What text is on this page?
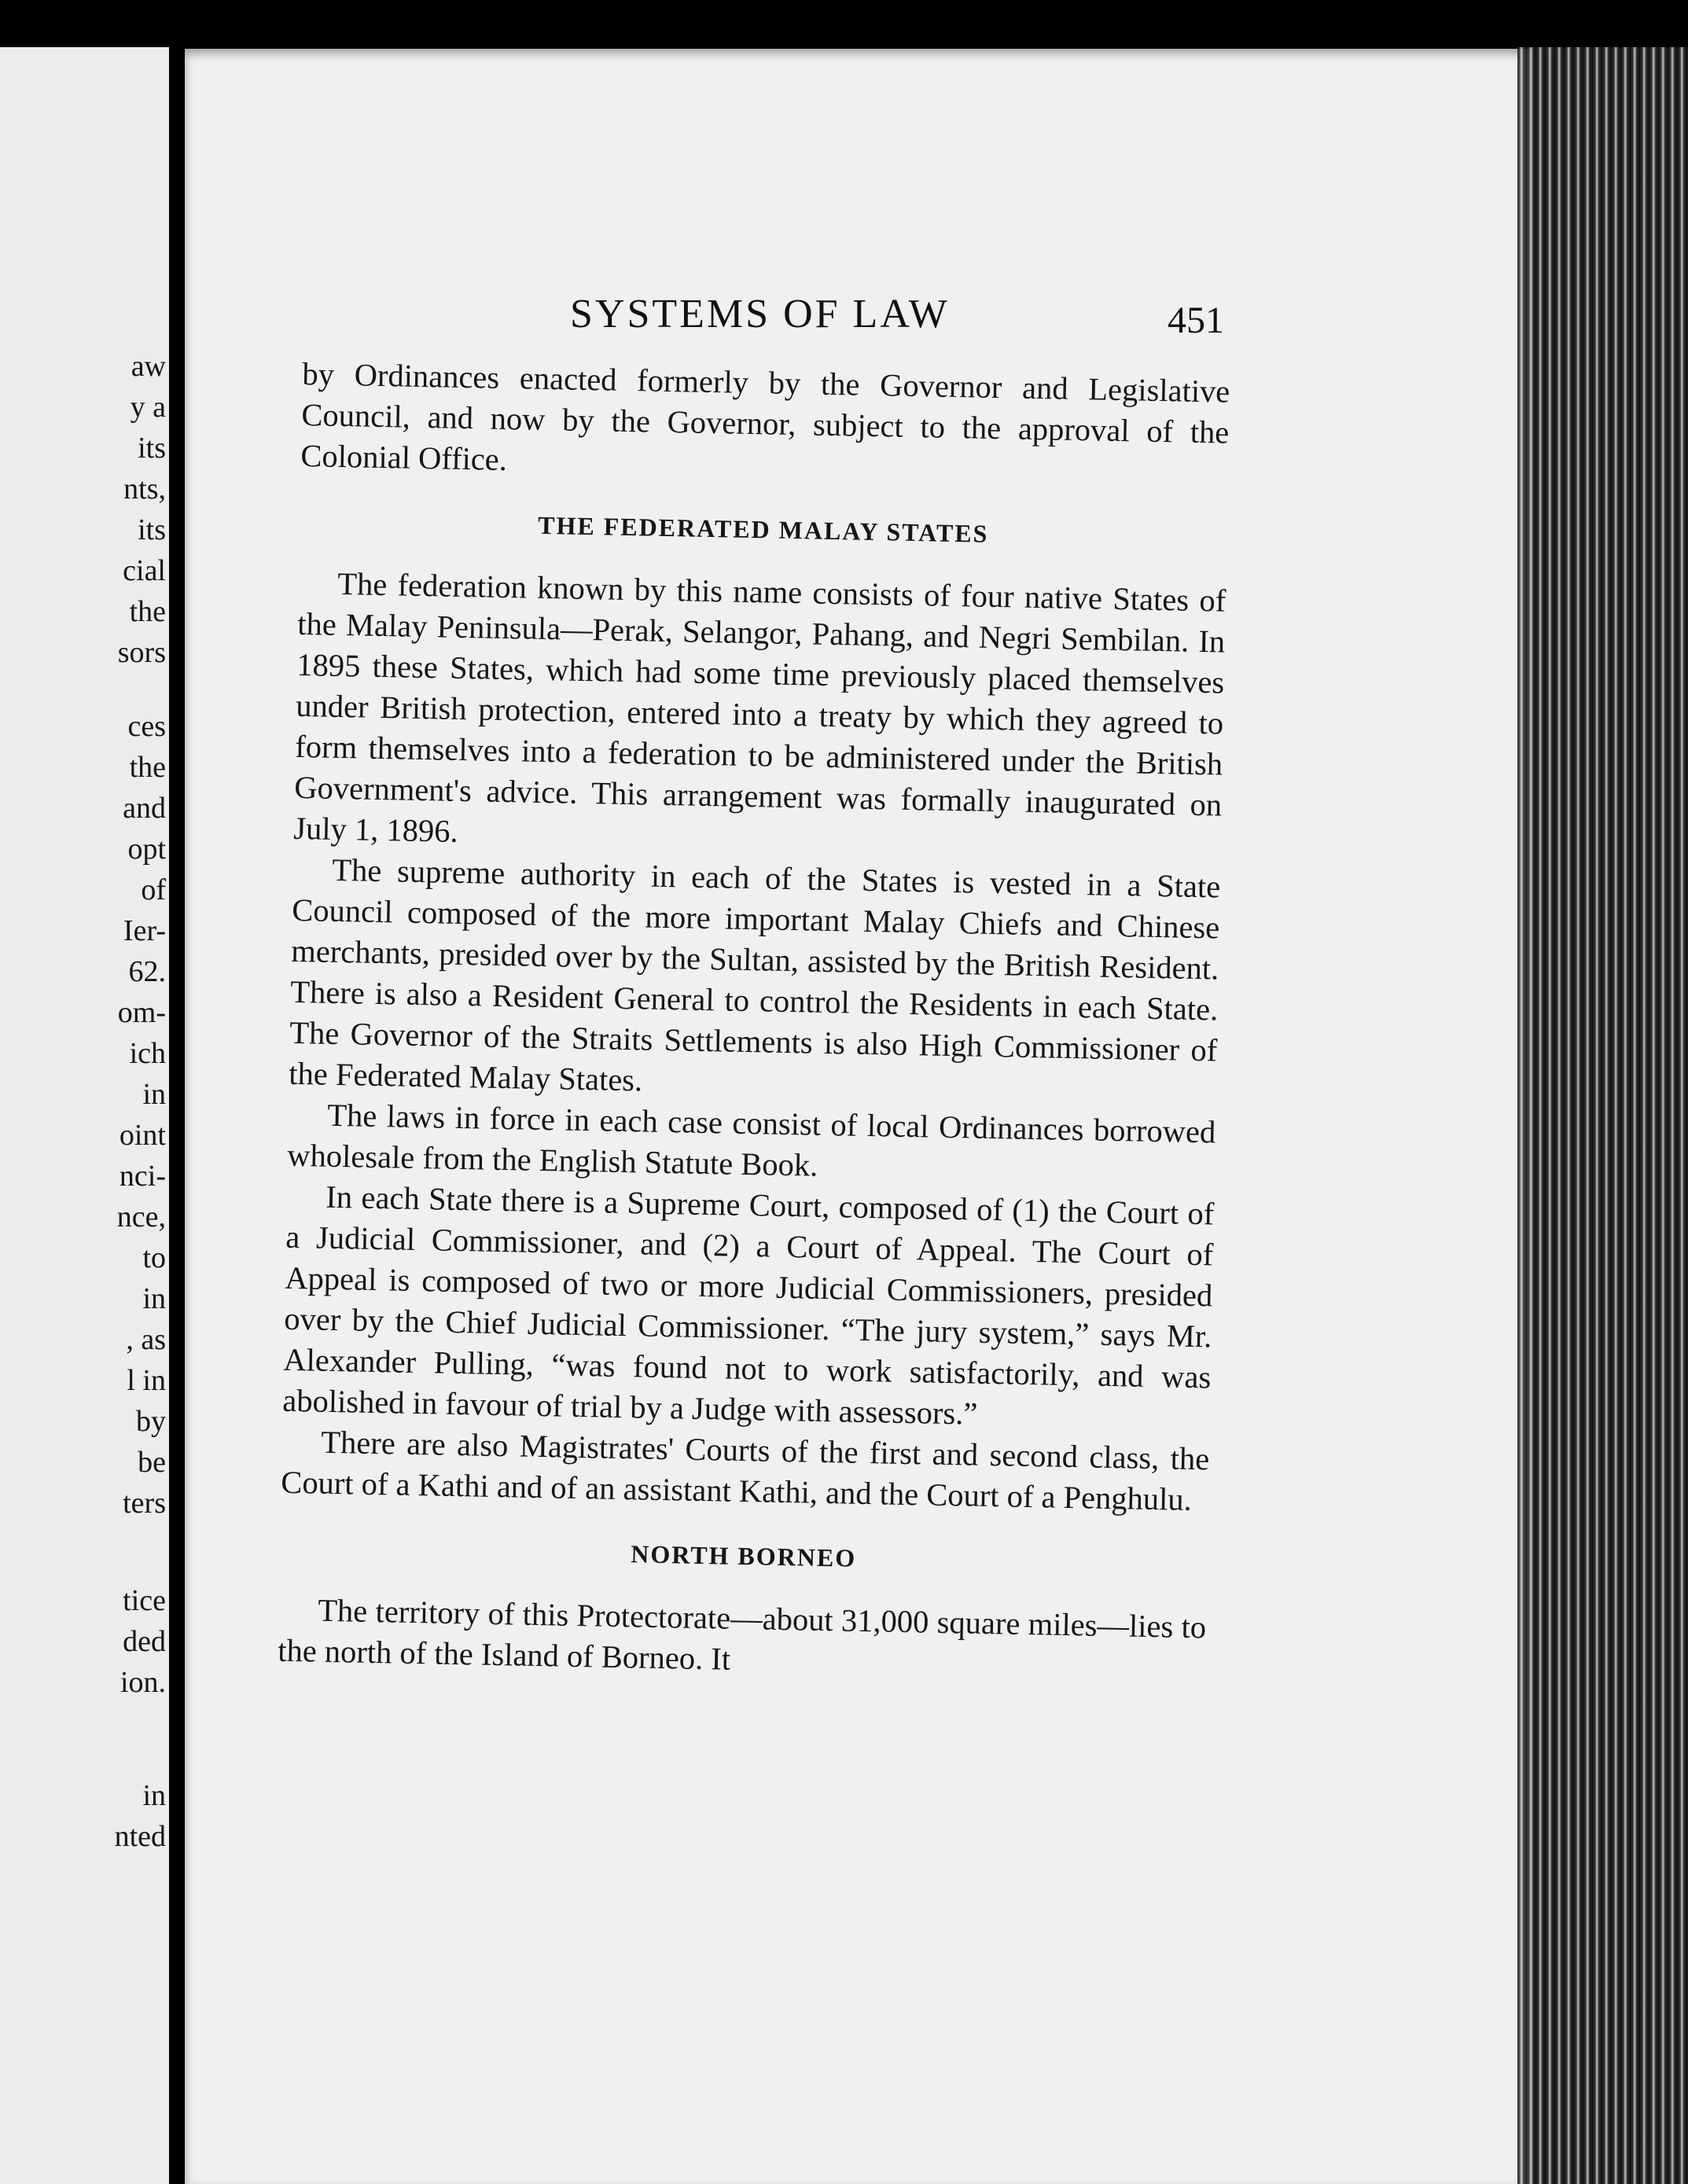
aw
y a
its
nts,
its
cial
the
sors
ces
the
and
opt
of
Ier-
62.
om-
ich
in
oint
nci-
nce,
to
in
, as
l in
by
be
ters
tice
ded
ion.
in
nted
SYSTEMS OF LAW	451

by Ordinances enacted formerly by the Governor and Legislative Council, and now by the Governor, subject to the approval of the Colonial Office.

THE FEDERATED MALAY STATES

The federation known by this name consists of four native States of the Malay Peninsula—Perak, Selangor, Pahang, and Negri Sembilan. In 1895 these States, which had some time previously placed themselves under British protection, entered into a treaty by which they agreed to form themselves into a federation to be administered under the British Government's advice. This arrangement was formally inaugurated on July 1, 1896.

The supreme authority in each of the States is vested in a State Council composed of the more important Malay Chiefs and Chinese merchants, presided over by the Sultan, assisted by the British Resident. There is also a Resident General to control the Residents in each State. The Governor of the Straits Settlements is also High Commissioner of the Federated Malay States.

The laws in force in each case consist of local Ordinances borrowed wholesale from the English Statute Book.

In each State there is a Supreme Court, composed of (1) the Court of a Judicial Commissioner, and (2) a Court of Appeal. The Court of Appeal is composed of two or more Judicial Commissioners, presided over by the Chief Judicial Commissioner. “The jury system,” says Mr. Alexander Pulling, “was found not to work satisfactorily, and was abolished in favour of trial by a Judge with assessors.”

There are also Magistrates' Courts of the first and second class, the Court of a Kathi and of an assistant Kathi, and the Court of a Penghulu.

NORTH BORNEO

The territory of this Protectorate—about 31,000 square miles—lies to the north of the Island of Borneo. It
